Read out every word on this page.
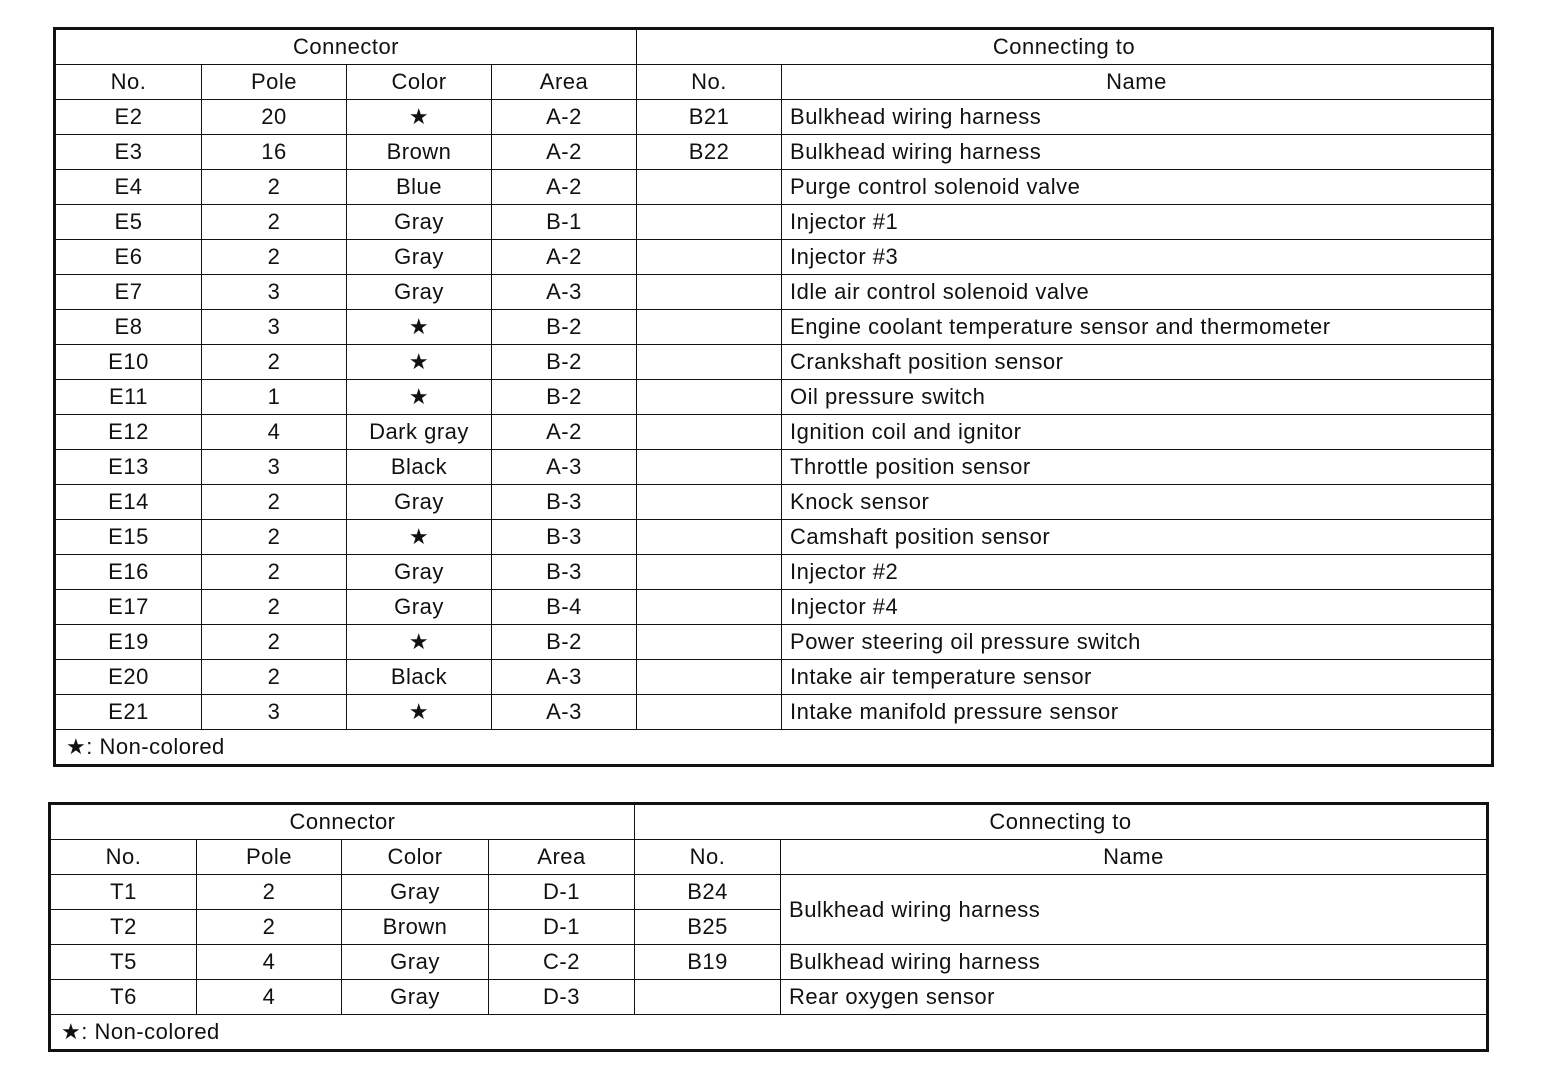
Connector				Connecting to	
No.	Pole	Color	Area	No.	Name
E2	20	★	A-2	B21	Bulkhead wiring harness
E3	16	Brown	A-2	B22	Bulkhead wiring harness
E4	2	Blue	A-2		Purge control solenoid valve
E5	2	Gray	B-1		Injector #1
E6	2	Gray	A-2		Injector #3
E7	3	Gray	A-3		Idle air control solenoid valve
E8	3	★	B-2		Engine coolant temperature sensor and thermometer
E10	2	★	B-2		Crankshaft position sensor
E11	1	★	B-2		Oil pressure switch
E12	4	Dark gray	A-2		Ignition coil and ignitor
E13	3	Black	A-3		Throttle position sensor
E14	2	Gray	B-3		Knock sensor
E15	2	★	B-3		Camshaft position sensor
E16	2	Gray	B-3		Injector #2
E17	2	Gray	B-4		Injector #4
E19	2	★	B-2		Power steering oil pressure switch
E20	2	Black	A-3		Intake air temperature sensor
E21	3	★	A-3		Intake manifold pressure sensor
★: Non-colored					
Connector				Connecting to	
No.	Pole	Color	Area	No.	Name
T1	2	Gray	D-1	B24	Bulkhead wiring harness
T2	2	Brown	D-1	B25	
T5	4	Gray	C-2	B19	Bulkhead wiring harness
T6	4	Gray	D-3		Rear oxygen sensor
★: Non-colored					
